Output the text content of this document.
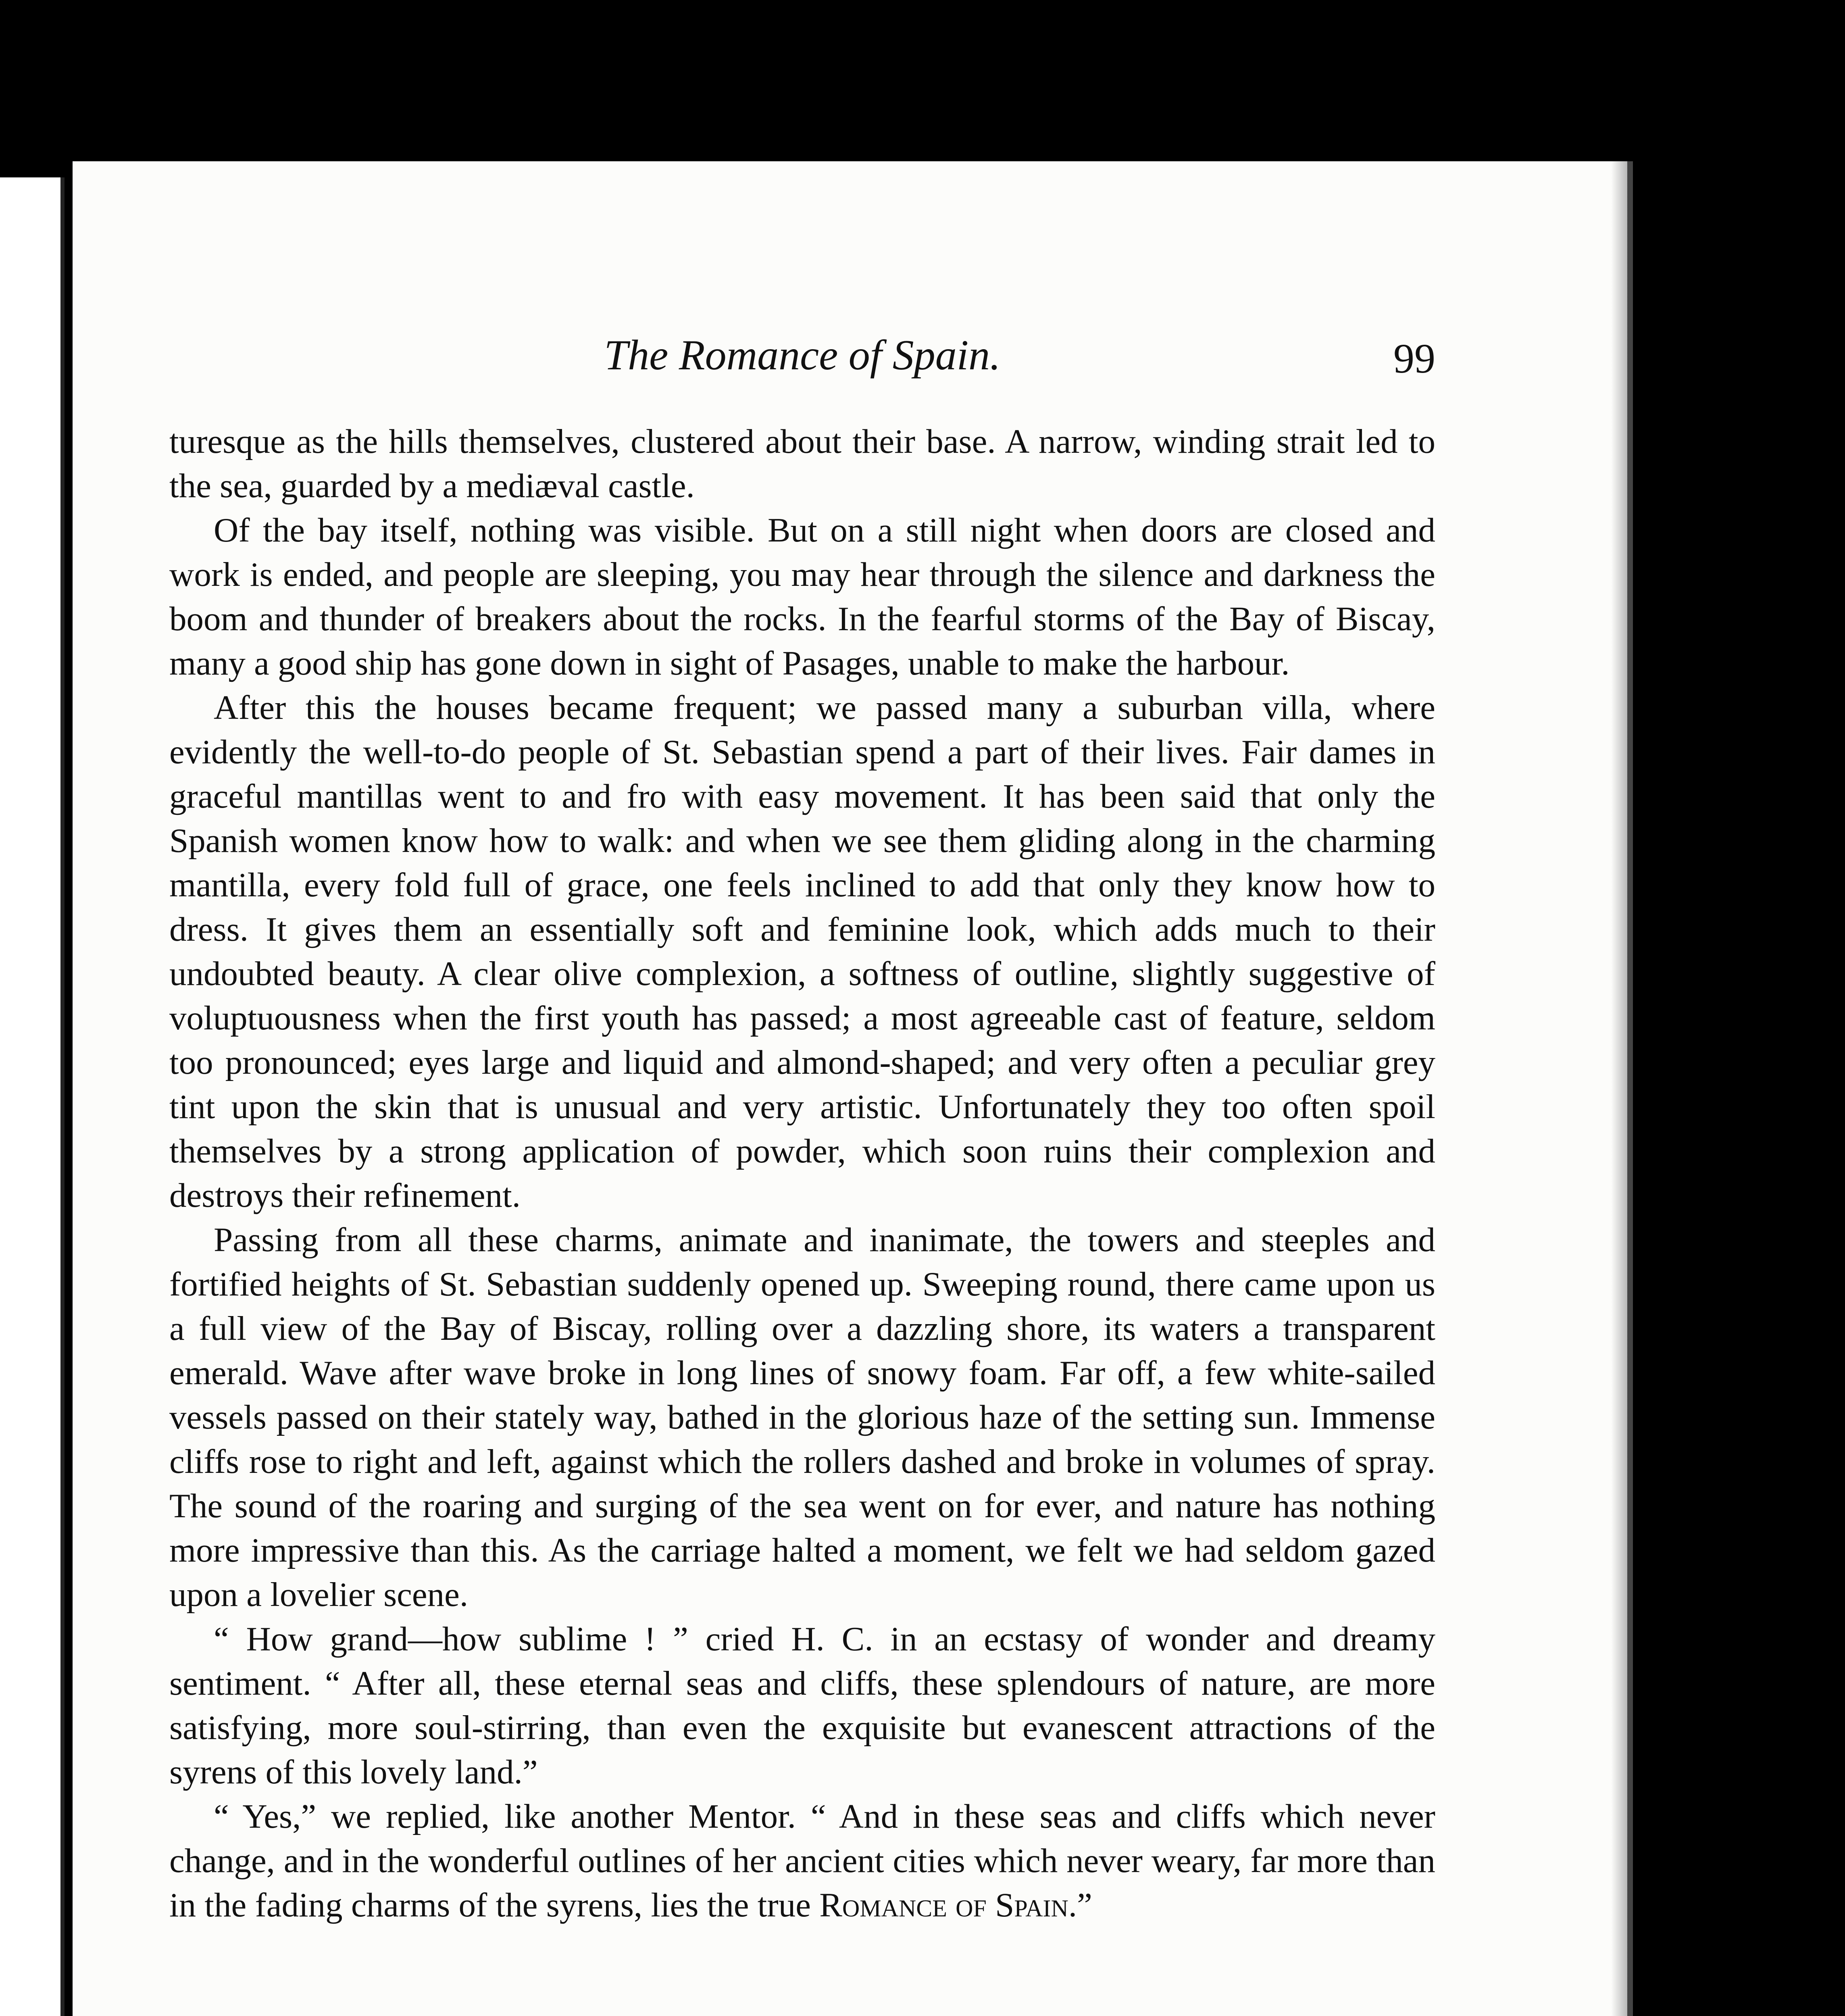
The Romance of Spain.	99

turesque as the hills themselves, clustered about their base. A narrow, winding strait led to the sea, guarded by a mediæval castle.

Of the bay itself, nothing was visible. But on a still night when doors are closed and work is ended, and people are sleeping, you may hear through the silence and darkness the boom and thunder of breakers about the rocks. In the fearful storms of the Bay of Biscay, many a good ship has gone down in sight of Pasages, unable to make the harbour.

After this the houses became frequent; we passed many a suburban villa, where evidently the well-to-do people of St. Sebastian spend a part of their lives. Fair dames in graceful mantillas went to and fro with easy movement. It has been said that only the Spanish women know how to walk: and when we see them gliding along in the charming mantilla, every fold full of grace, one feels inclined to add that only they know how to dress. It gives them an essentially soft and feminine look, which adds much to their undoubted beauty. A clear olive complexion, a softness of outline, slightly suggestive of voluptuousness when the first youth has passed; a most agreeable cast of feature, seldom too pronounced; eyes large and liquid and almond-shaped; and very often a peculiar grey tint upon the skin that is unusual and very artistic. Unfortunately they too often spoil themselves by a strong application of powder, which soon ruins their complexion and destroys their refinement.

Passing from all these charms, animate and inanimate, the towers and steeples and fortified heights of St. Sebastian suddenly opened up. Sweeping round, there came upon us a full view of the Bay of Biscay, rolling over a dazzling shore, its waters a transparent emerald. Wave after wave broke in long lines of snowy foam. Far off, a few white-sailed vessels passed on their stately way, bathed in the glorious haze of the setting sun. Immense cliffs rose to right and left, against which the rollers dashed and broke in volumes of spray. The sound of the roaring and surging of the sea went on for ever, and nature has nothing more impressive than this. As the carriage halted a moment, we felt we had seldom gazed upon a lovelier scene.

“ How grand—how sublime ! ” cried H. C. in an ecstasy of wonder and dreamy sentiment. “ After all, these eternal seas and cliffs, these splendours of nature, are more satisfying, more soul-stirring, than even the exquisite but evanescent attractions of the syrens of this lovely land.”

“ Yes,” we replied, like another Mentor. “ And in these seas and cliffs which never change, and in the wonderful outlines of her ancient cities which never weary, far more than in the fading charms of the syrens, lies the true Romance of Spain.”
